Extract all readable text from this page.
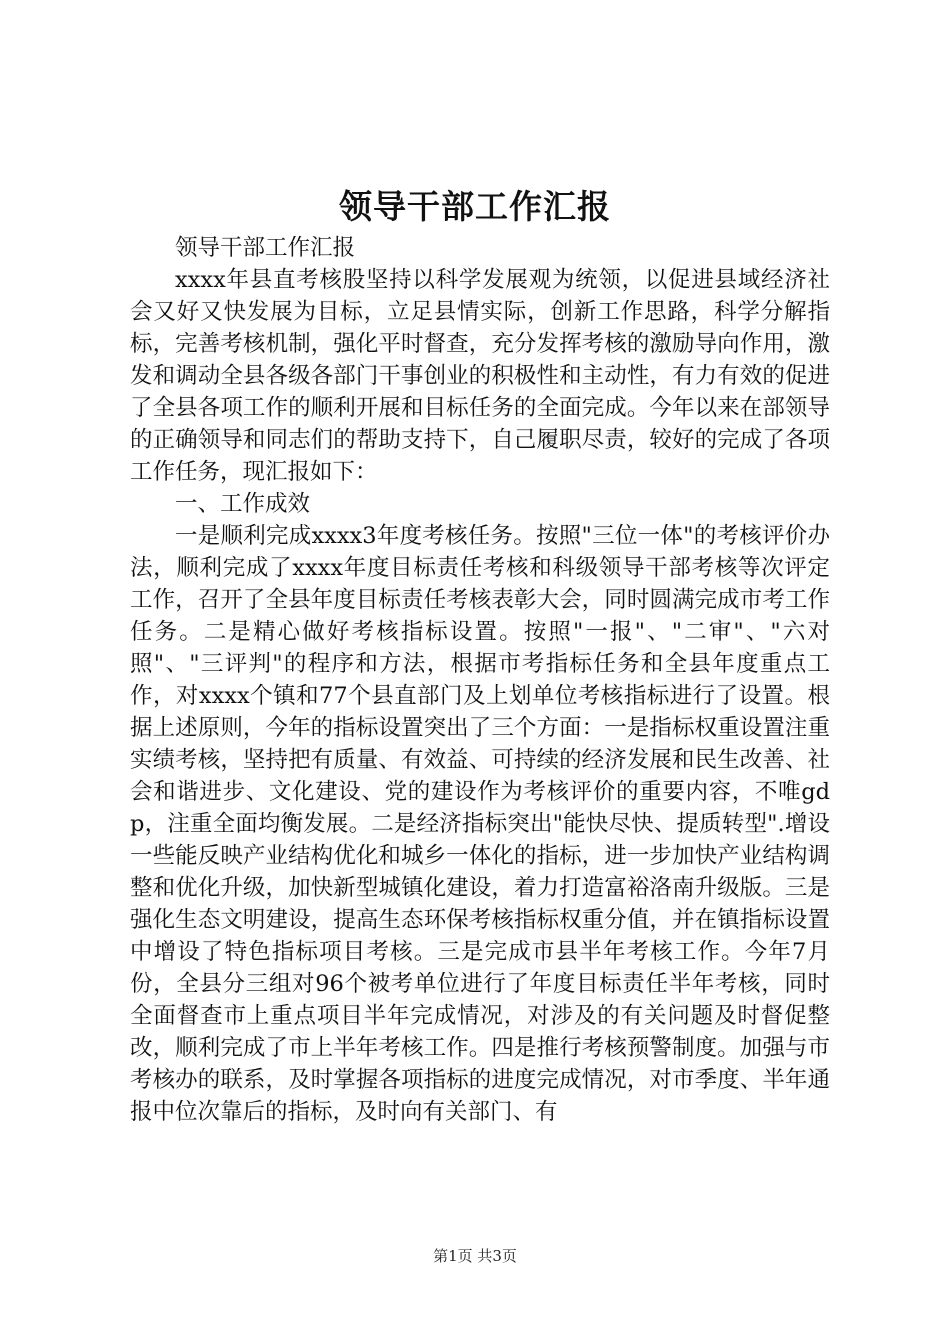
领导干部工作汇报

领导干部工作汇报

xxxx年县直考核股坚持以科学发展观为统领，以促进县域经济社会又好又快发展为目标，立足县情实际，创新工作思路，科学分解指标，完善考核机制，强化平时督查，充分发挥考核的激励导向作用，激发和调动全县各级各部门干事创业的积极性和主动性，有力有效的促进了全县各项工作的顺利开展和目标任务的全面完成。今年以来在部领导的正确领导和同志们的帮助支持下，自己履职尽责，较好的完成了各项工作任务，现汇报如下：

一、工作成效

一是顺利完成xxxx3年度考核任务。按照"三位一体"的考核评价办法，顺利完成了xxxx年度目标责任考核和科级领导干部考核等次评定工作，召开了全县年度目标责任考核表彰大会，同时圆满完成市考工作任务。二是精心做好考核指标设置。按照"一报"、"二审"、"六对照"、"三评判"的程序和方法，根据市考指标任务和全县年度重点工作，对xxxx个镇和77个县直部门及上划单位考核指标进行了设置。根据上述原则，今年的指标设置突出了三个方面：一是指标权重设置注重实绩考核，坚持把有质量、有效益、可持续的经济发展和民生改善、社会和谐进步、文化建设、党的建设作为考核评价的重要内容，不唯gdp，注重全面均衡发展。二是经济指标突出"能快尽快、提质转型".增设一些能反映产业结构优化和城乡一体化的指标，进一步加快产业结构调整和优化升级，加快新型城镇化建设，着力打造富裕洛南升级版。三是强化生态文明建设，提高生态环保考核指标权重分值，并在镇指标设置中增设了特色指标项目考核。三是完成市县半年考核工作。今年7月份，全县分三组对96个被考单位进行了年度目标责任半年考核，同时全面督查市上重点项目半年完成情况，对涉及的有关问题及时督促整改，顺利完成了市上半年考核工作。四是推行考核预警制度。加强与市考核办的联系，及时掌握各项指标的进度完成情况，对市季度、半年通报中位次靠后的指标，及时向有关部门、有

第1页 共3页
